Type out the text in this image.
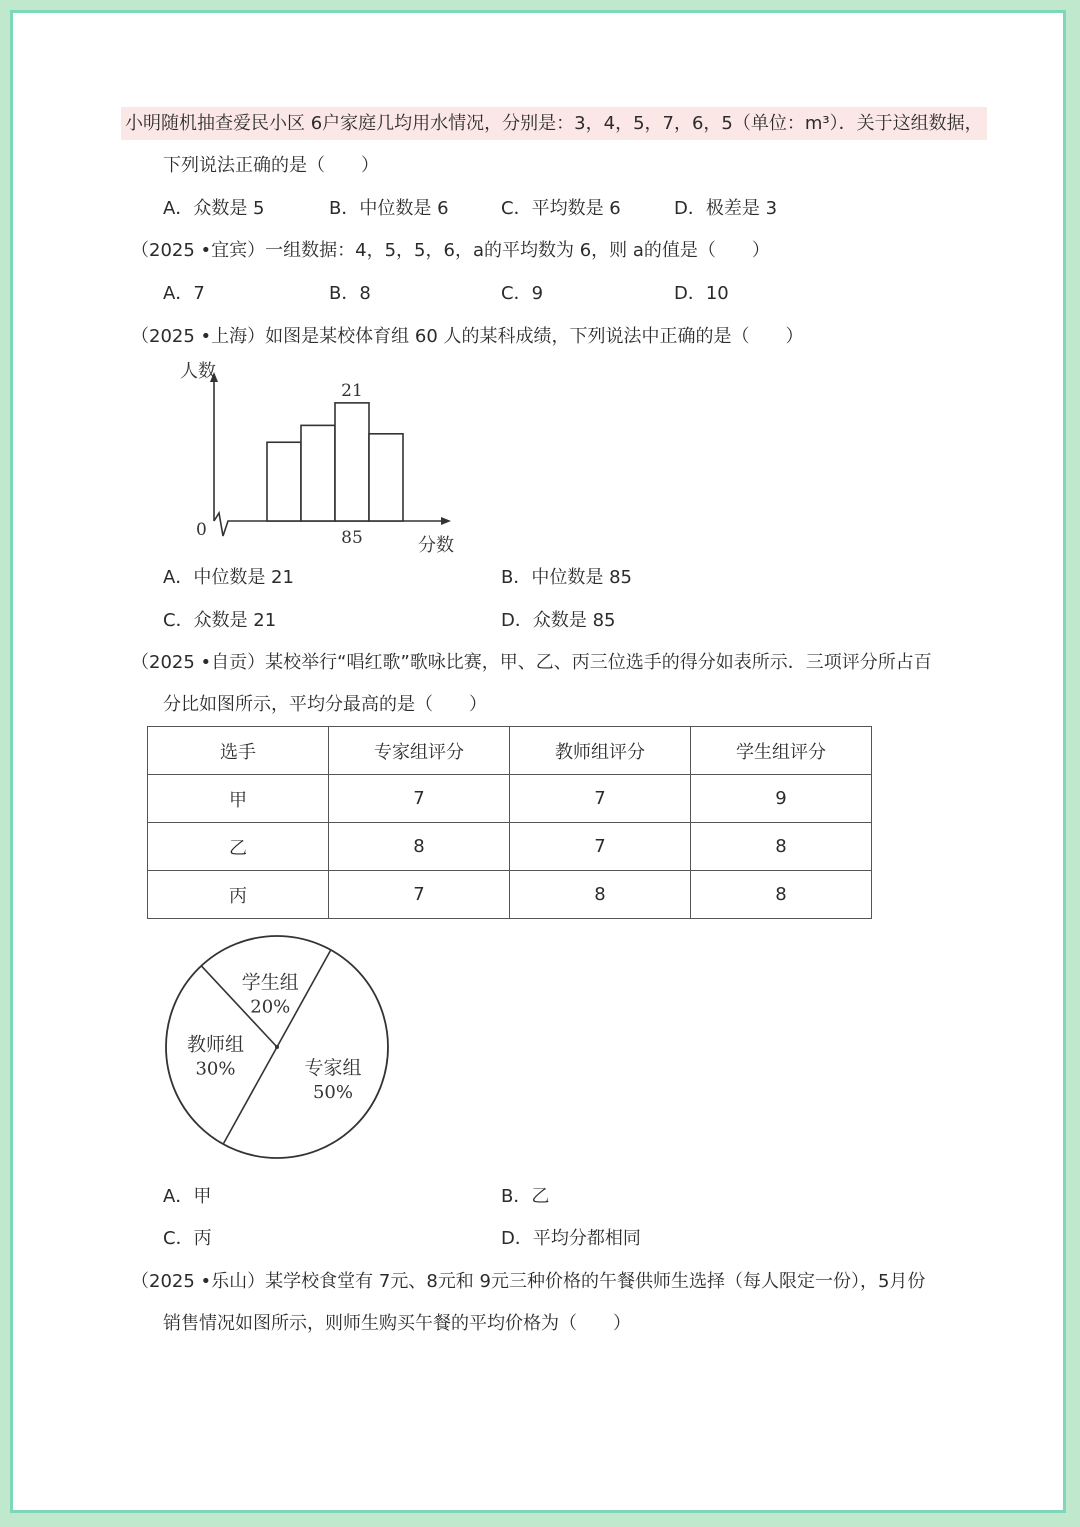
小明随机抽查爱民小区 6户家庭几均用水情况，分别是：3，4，5，7，6，5（单位：m³）．关于这组数据，
下列说法正确的是（　　）
A．众数是 5	B．中位数是 6	C．平均数是 6	D．极差是 3
（2025 •宜宾）一组数据：4，5，5，6，a的平均数为 6，则 a的值是（　　）
A．7	B．8	C．9	D．10
（2025 •上海）如图是某校体育组 60 人的某科成绩，下列说法中正确的是（　　）
人数
分数
0	85
21
A．中位数是 21	B．中位数是 85
C．众数是 21	D．众数是 85
（2025 •自贡）某校举行“唱红歌”歌咏比赛，甲、乙、丙三位选手的得分如表所示．三项评分所占百
分比如图所示，平均分最高的是（　　）
选手	专家组评分	教师组评分	学生组评分
甲	7	7	9
乙	8	7	8
丙	7	8	8
专家组
50%
教师组
30%
学生组
20%
A．甲	B．乙
C．丙	D．平均分都相同
（2025 •乐山）某学校食堂有 7元、8元和 9元三种价格的午餐供师生选择（每人限定一份），5月份
销售情况如图所示，则师生购买午餐的平均价格为（　　）
